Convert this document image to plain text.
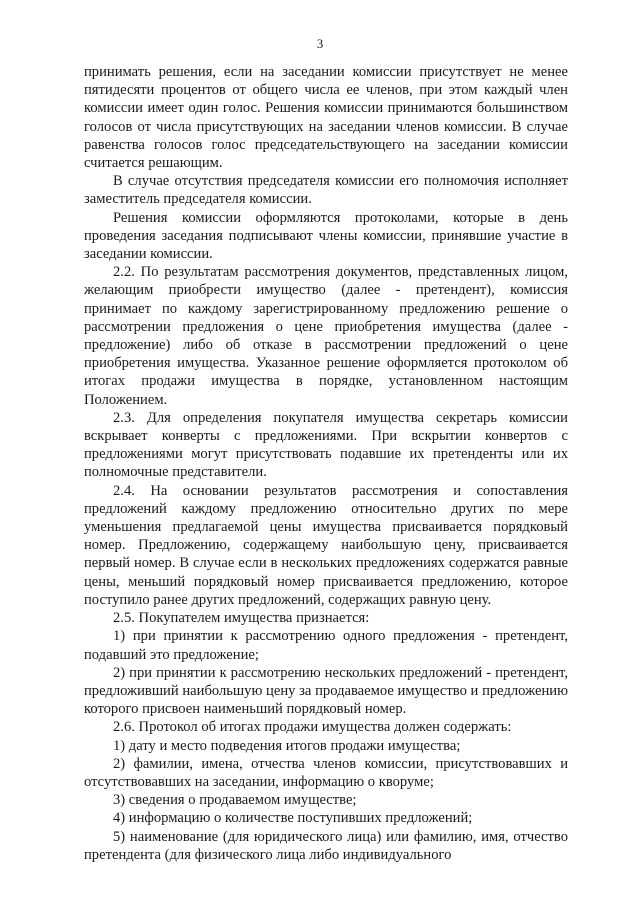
3

принимать решения, если на заседании комиссии присутствует не менее пятидесяти процентов от общего числа ее членов, при этом каждый член комиссии имеет один голос. Решения комиссии принимаются большинством голосов от числа присутствующих на заседании членов комиссии. В случае равенства голосов голос председательствующего на заседании комиссии считается решающим.

В случае отсутствия председателя комиссии его полномочия исполняет заместитель председателя комиссии.

Решения комиссии оформляются протоколами, которые в день проведения заседания подписывают члены комиссии, принявшие участие в заседании комиссии.

2.2. По результатам рассмотрения документов, представленных лицом, желающим приобрести имущество (далее - претендент), комиссия принимает по каждому зарегистрированному предложению решение о рассмотрении предложения о цене приобретения имущества (далее - предложение) либо об отказе в рассмотрении предложений о цене приобретения имущества. Указанное решение оформляется протоколом об итогах продажи имущества в порядке, установленном настоящим Положением.

2.3. Для определения покупателя имущества секретарь комиссии вскрывает конверты с предложениями. При вскрытии конвертов с предложениями могут присутствовать подавшие их претенденты или их полномочные представители.

2.4. На основании результатов рассмотрения и сопоставления предложений каждому предложению относительно других по мере уменьшения предлагаемой цены имущества присваивается порядковый номер. Предложению, содержащему наибольшую цену, присваивается первый номер. В случае если в нескольких предложениях содержатся равные цены, меньший порядковый номер присваивается предложению, которое поступило ранее других предложений, содержащих равную цену.

2.5. Покупателем имущества признается:

1) при принятии к рассмотрению одного предложения - претендент, подавший это предложение;

2) при принятии к рассмотрению нескольких предложений - претендент, предложивший наибольшую цену за продаваемое имущество и предложению которого присвоен наименьший порядковый номер.

2.6. Протокол об итогах продажи имущества должен содержать:

1) дату и место подведения итогов продажи имущества;

2) фамилии, имена, отчества членов комиссии, присутствовавших и отсутствовавших на заседании, информацию о кворуме;

3) сведения о продаваемом имуществе;

4) информацию о количестве поступивших предложений;

5) наименование (для юридического лица) или фамилию, имя, отчество претендента (для физического лица либо индивидуального
